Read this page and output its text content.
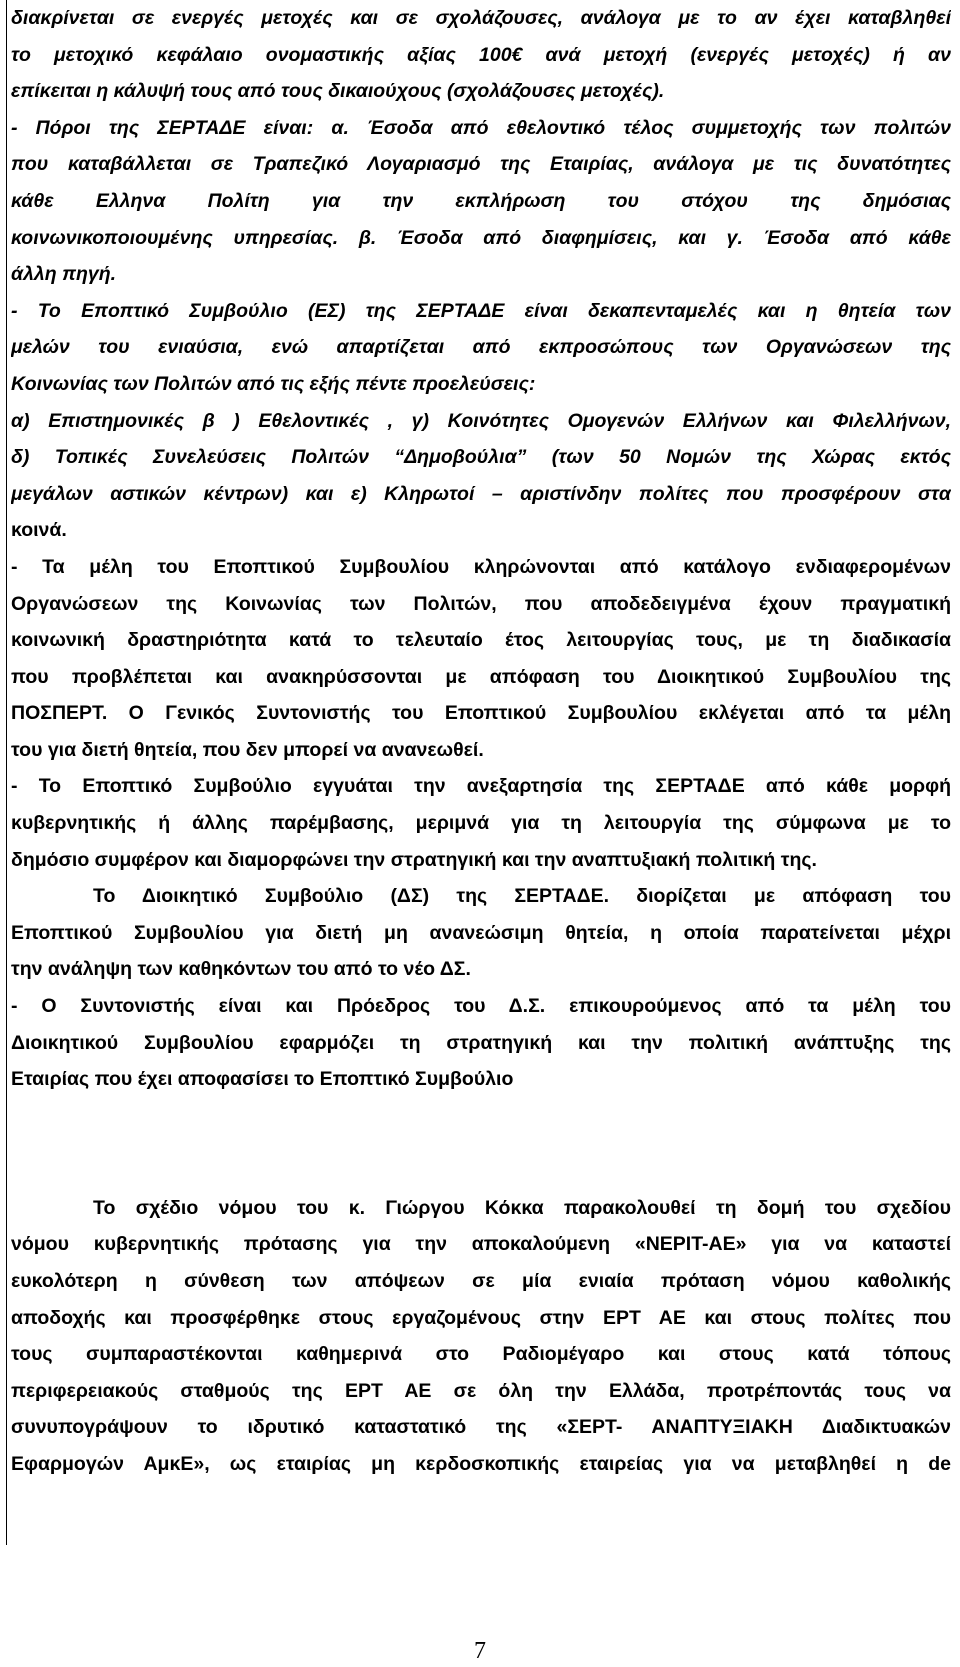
διακρίνεται σε ενεργές μετοχές και σε σχολάζουσες, ανάλογα με το αν έχει καταβληθεί
το μετοχικό κεφάλαιο ονομαστικής αξίας 100€ ανά μετοχή (ενεργές μετοχές) ή αν
επίκειται η κάλυψή τους από τους δικαιούχους (σχολάζουσες μετοχές).
- Πόροι της ΣΕΡΤΑΔΕ είναι: α. Έσοδα από εθελοντικό τέλος συμμετοχής των πολιτών
που καταβάλλεται σε Τραπεζικό Λογαριασμό της Εταιρίας, ανάλογα με τις δυνατότητες
κάθε Ελληνα Πολίτη για την εκπλήρωση του στόχου της δημόσιας
κοινωνικοποιουμένης υπηρεσίας. β. Έσοδα από διαφημίσεις, και γ. Έσοδα από κάθε
άλλη πηγή.
- Το Εποπτικό Συμβούλιο (ΕΣ) της ΣΕΡΤΑΔΕ είναι δεκαπενταμελές και η θητεία των
μελών του ενιαύσια, ενώ απαρτίζεται από εκπροσώπους των Οργανώσεων της
Κοινωνίας των Πολιτών από τις εξής πέντε προελεύσεις:
α) Επιστημονικές β ) Εθελοντικές , γ) Κοινότητες Ομογενών Ελλήνων και Φιλελλήνων,
δ) Τοπικές Συνελεύσεις Πολιτών “Δημοβούλια” (των 50 Νομών της Χώρας εκτός
μεγάλων αστικών κέντρων) και ε) Κληρωτοί – αριστίνδην πολίτες που προσφέρουν στα
κοινά.
- Τα μέλη του Εποπτικού Συμβουλίου κληρώνονται από κατάλογο ενδιαφερομένων
Οργανώσεων της Κοινωνίας των Πολιτών, που αποδεδειγμένα έχουν πραγματική
κοινωνική δραστηριότητα κατά το τελευταίο έτος λειτουργίας τους, με τη διαδικασία
που προβλέπεται και ανακηρύσσονται με απόφαση του Διοικητικού Συμβουλίου της
ΠΟΣΠΕΡΤ. Ο Γενικός Συντονιστής του Εποπτικού Συμβουλίου εκλέγεται από τα μέλη
του για διετή θητεία, που δεν μπορεί να ανανεωθεί.
- Το Εποπτικό Συμβούλιο εγγυάται την ανεξαρτησία της ΣΕΡΤΑΔΕ από κάθε μορφή
κυβερνητικής ή άλλης παρέμβασης, μεριμνά για τη λειτουργία της σύμφωνα με το
δημόσιο συμφέρον και διαμορφώνει την στρατηγική και την αναπτυξιακή πολιτική της.
Το Διοικητικό Συμβούλιο (ΔΣ) της ΣΕΡΤΑΔΕ. διορίζεται με απόφαση του
Εποπτικού Συμβουλίου για διετή μη ανανεώσιμη θητεία, η οποία παρατείνεται μέχρι
την ανάληψη των καθηκόντων του από το νέο ΔΣ.
- Ο Συντονιστής είναι και Πρόεδρος του Δ.Σ. επικουρούμενος από τα μέλη του
Διοικητικού Συμβουλίου εφαρμόζει τη στρατηγική και την πολιτική ανάπτυξης της
Εταιρίας που έχει αποφασίσει το Εποπτικό Συμβούλιο
Το σχέδιο νόμου του κ. Γιώργου Κόκκα παρακολουθεί τη δομή του σχεδίου
νόμου κυβερνητικής πρότασης για την αποκαλούμενη «ΝΕΡΙΤ-ΑΕ» για να καταστεί
ευκολότερη η σύνθεση των απόψεων σε μία ενιαία πρόταση νόμου καθολικής
αποδοχής και προσφέρθηκε στους εργαζομένους στην ΕΡΤ ΑΕ και στους πολίτες που
τους συμπαραστέκονται καθημερινά στο Ραδιομέγαρο και στους κατά τόπους
περιφερειακούς σταθμούς της ΕΡΤ ΑΕ σε όλη την Ελλάδα, προτρέποντάς τους να
συνυπογράψουν το ιδρυτικό καταστατικό της «ΣΕΡΤ- ΑΝΑΠΤΥΞΙΑΚΗ Διαδικτυακών
Εφαρμογών ΑμκΕ», ως εταιρίας μη κερδοσκοπικής εταιρείας για να μεταβληθεί η de
7
